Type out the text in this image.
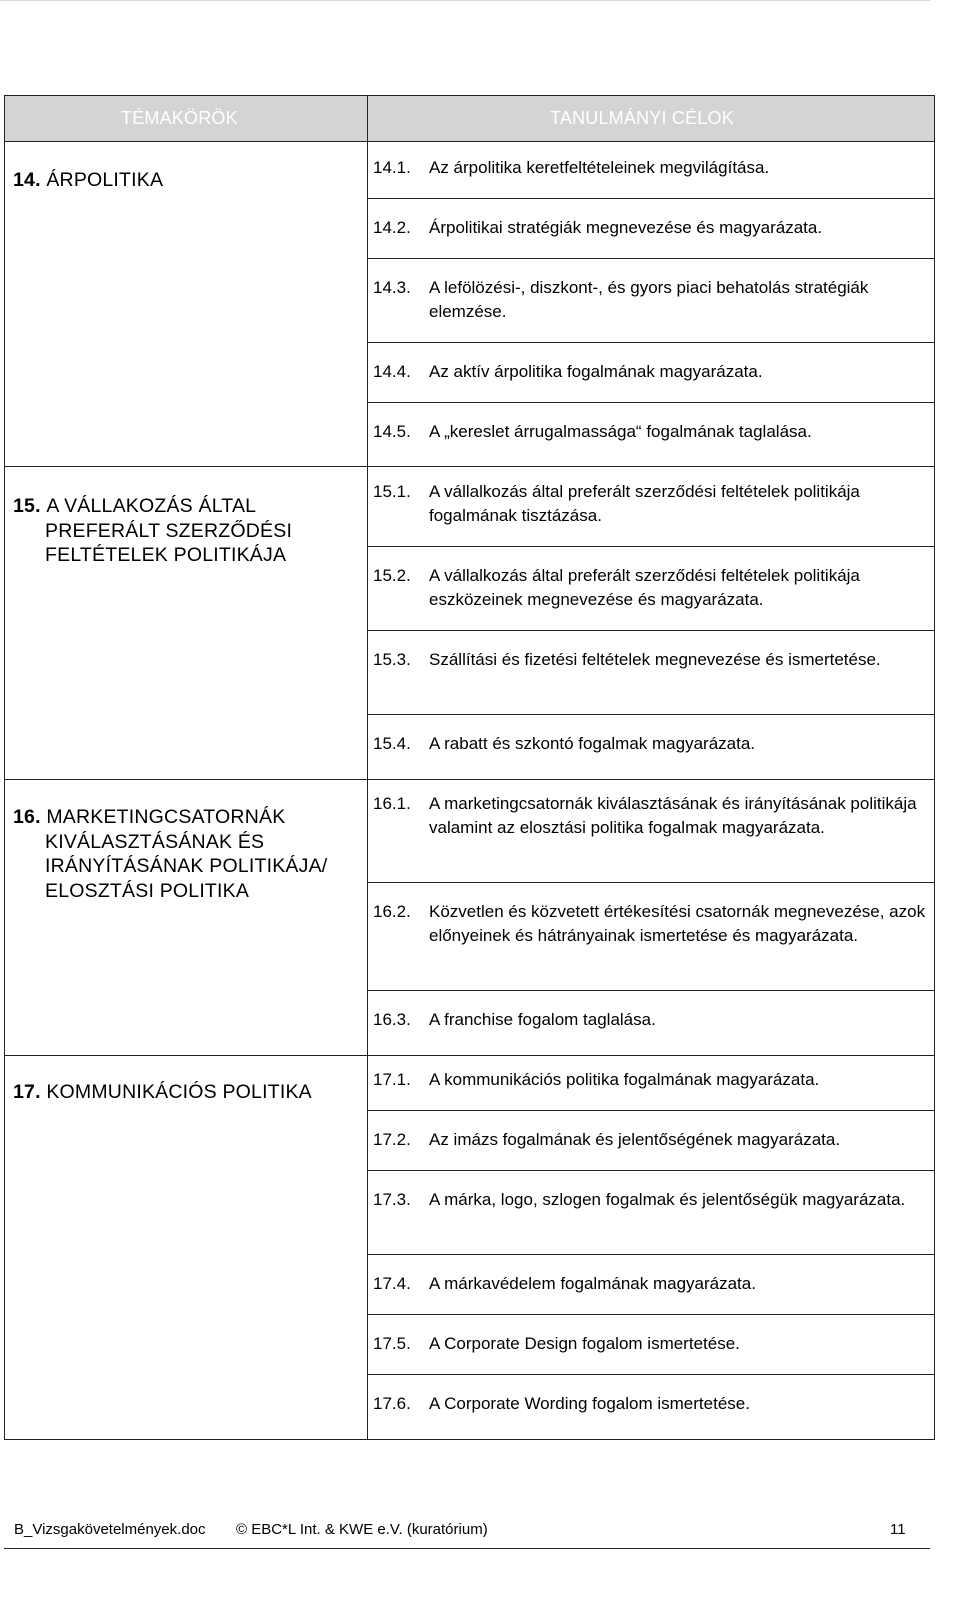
TÉMAKÖRÖK	TANULMÁNYI CÉLOK
14. ÁRPOLITIKA
14.1. Az árpolitika keretfeltételeinek megvilágítása.
14.2. Árpolitikai stratégiák megnevezése és magyarázata.
14.3. A lefölözési-, diszkont-, és gyors piaci behatolás stratégiák elemzése.
14.4. Az aktív árpolitika fogalmának magyarázata.
14.5. A „kereslet árrugalmassága“ fogalmának taglalása.
15. A VÁLLAKOZÁS ÁLTAL PREFERÁLT SZERZŐDÉSI FELTÉTELEK POLITIKÁJA
15.1. A vállalkozás által preferált szerződési feltételek politikája fogalmának tisztázása.
15.2. A vállalkozás által preferált szerződési feltételek politikája eszközeinek megnevezése és magyarázata.
15.3. Szállítási és fizetési feltételek megnevezése és ismertetése.
15.4. A rabatt és szkontó fogalmak magyarázata.
16. MARKETINGCSATORNÁK KIVÁLASZTÁSÁNAK ÉS IRÁNYÍTÁSÁNAK POLITIKÁJA/ ELOSZTÁSI POLITIKA
16.1. A marketingcsatornák kiválasztásának és irányításának politikája valamint az elosztási politika fogalmak magyarázata.
16.2. Közvetlen és közvetett értékesítési csatornák megnevezése, azok előnyeinek és hátrányainak ismertetése és magyarázata.
16.3. A franchise fogalom taglalása.
17. KOMMUNIKÁCIÓS POLITIKA
17.1. A kommunikációs politika fogalmának magyarázata.
17.2. Az imázs fogalmának és jelentőségének magyarázata.
17.3. A márka, logo, szlogen fogalmak és jelentőségük magyarázata.
17.4. A márkavédelem fogalmának magyarázata.
17.5. A Corporate Design fogalom ismertetése.
17.6. A Corporate Wording fogalom ismertetése.
B_Vizsgakövetelmények.doc © EBC*L Int. & KWE e.V. (kuratórium)	11
